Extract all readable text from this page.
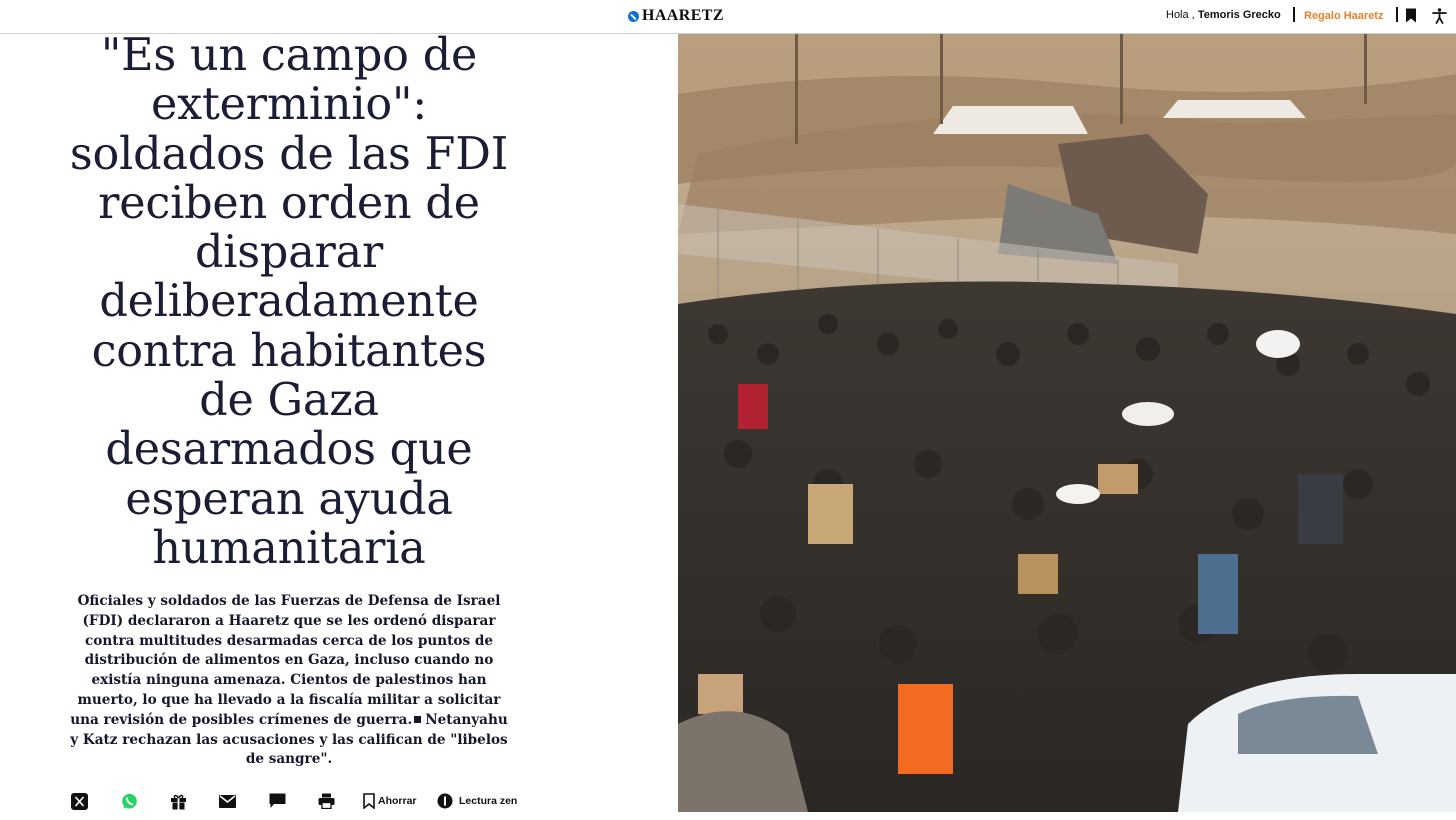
HAARETZ	Hola , Temoris Grecko Regalo Haaretz
"Es un campo de
exterminio":
soldados de las FDI
reciben orden de
disparar
deliberadamente
contra habitantes
de Gaza
desarmados que
esperan ayuda
humanitaria

Oficiales y soldados de las Fuerzas de Defensa de Israel
(FDI) declararon a Haaretz que se les ordenó disparar
contra multitudes desarmadas cerca de los puntos de
distribución de alimentos en Gaza, incluso cuando no
existía ninguna amenaza. Cientos de palestinos han
muerto, lo que ha llevado a la fiscalía militar a solicitar
una revisión de posibles crímenes de guerra. Netanyahu
y Katz rechazan las acusaciones y las califican de "libelos
de sangre".

Ahorrar	Lectura zen
